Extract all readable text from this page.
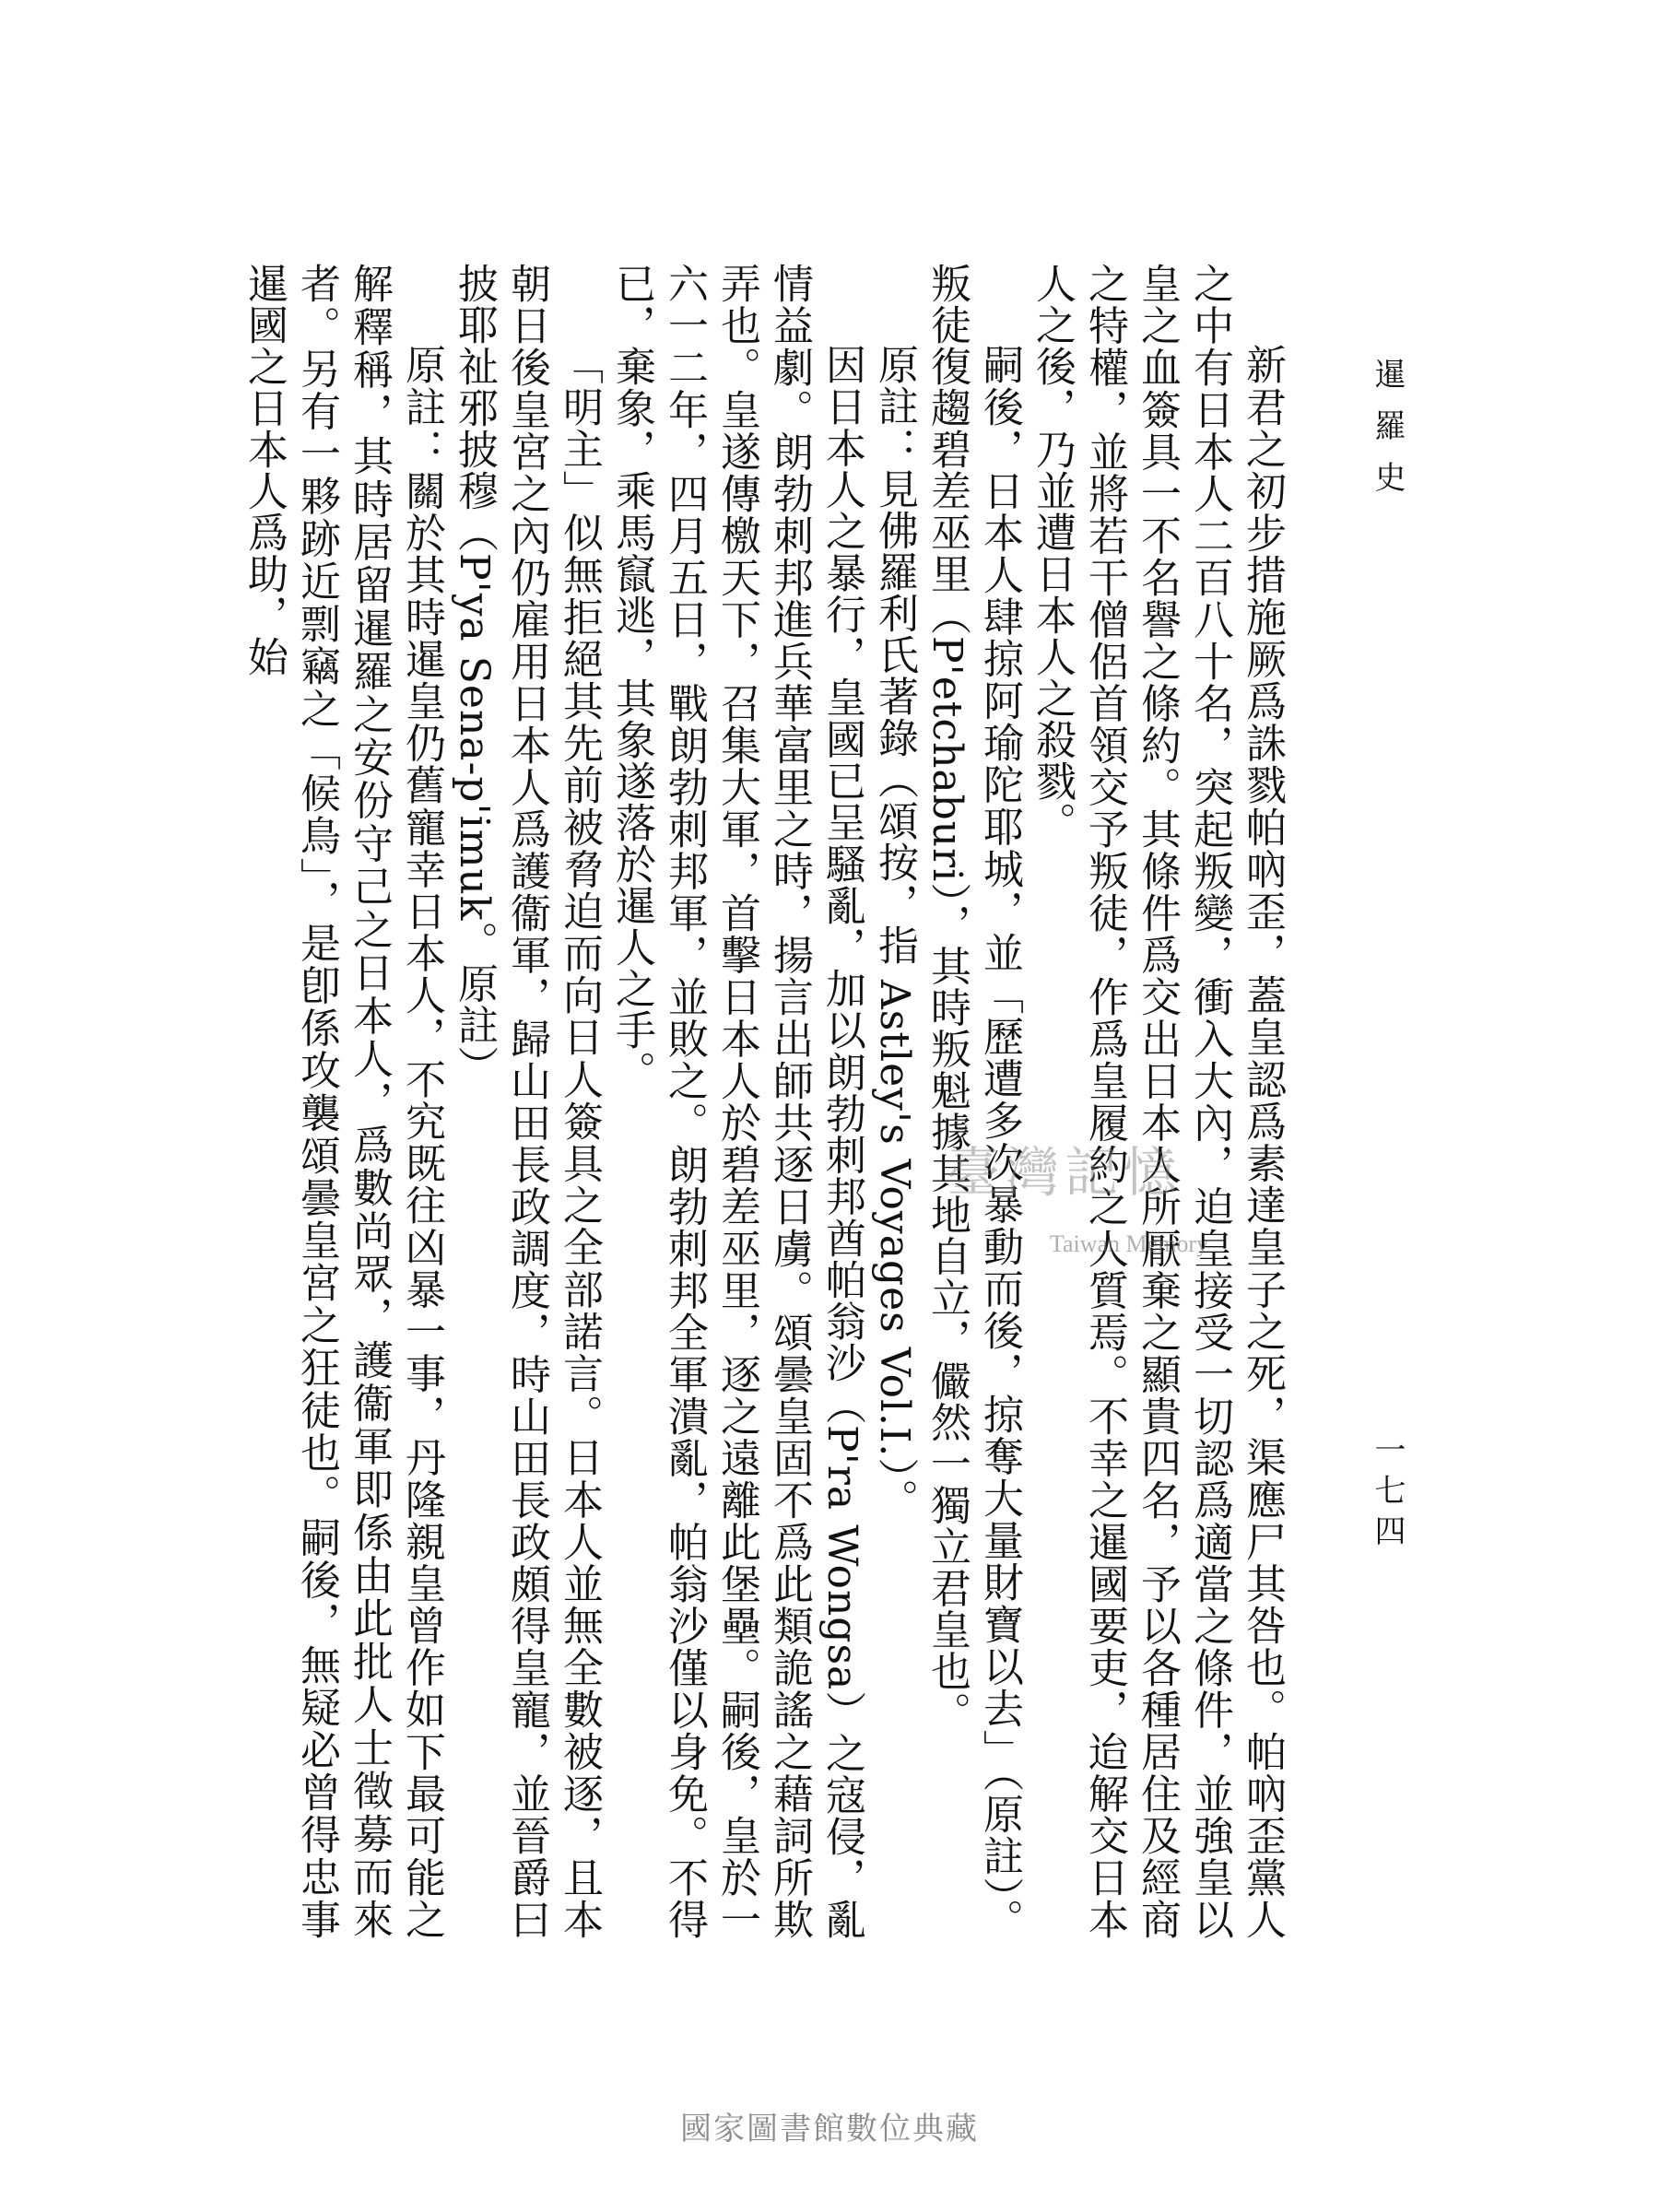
暹羅史
一七四

新君之初步措施厥爲誅戮帕吶歪，蓋皇認爲素達皇子之死，渠應尸其咎也。帕吶歪黨人之中有日本人二百八十名，突起叛變，衝入大內，迫皇接受一切認爲適當之條件，並強皇以皇之血簽具一不名譽之條約。其條件爲交出日本人所厭棄之顯貴四名，予以各種居住及經商之特權，並將若干僧侶首領交予叛徒，作爲皇履約之人質焉。不幸之暹國要吏，迨解交日本人之後，乃並遭日本人之殺戮。

嗣後，日本人肆掠阿瑜陀耶城，並「歷遭多次暴動而後，掠奪大量財寶以去」（原註）。叛徒復趨碧差巫里（P'etchaburi），其時叛魁據其地自立，儼然一獨立君皇也。

原註：見佛羅利氏著錄（頌按，指 Astley's Voyages Vol.I.）。

因日本人之暴行，皇國已呈騷亂，加以朗勃刺邦酋帕翁沙（P'ra Wongsa）之寇侵，亂情益劇。朗勃刺邦進兵華富里之時，揚言出師共逐日虜。頌曇皇固不爲此類詭謠之藉詞所欺弄也。皇遂傳檄天下，召集大軍，首擊日本人於碧差巫里，逐之遠離此堡壘。嗣後，皇於一六一二年，四月五日，戰朗勃刺邦軍，並敗之。朗勃刺邦全軍潰亂，帕翁沙僅以身免。不得已，棄象，乘馬竄逃，其象遂落於暹人之手。

「明主」似無拒絕其先前被脅迫而向日人簽具之全部諾言。日本人並無全數被逐，且本朝日後皇宮之內仍雇用日本人爲護衞軍，歸山田長政調度，時山田長政頗得皇寵，並晉爵曰披耶祉邪披穆（P'ya Sena-p'imuk。原註）

原註：關於其時暹皇仍舊寵幸日本人，不究既往凶暴一事，丹隆親皇曾作如下最可能之解釋稱，其時居留暹羅之安份守己之日本人，爲數尚眾，護衞軍即係由此批人士徵募而來者。另有一夥跡近剽竊之「候鳥」，是卽係攻襲頌曇皇宮之狂徒也。嗣後，無疑必曾得忠事暹國之日本人爲助，始

臺灣記憶
Taiwan Memory
國家圖書館數位典藏
